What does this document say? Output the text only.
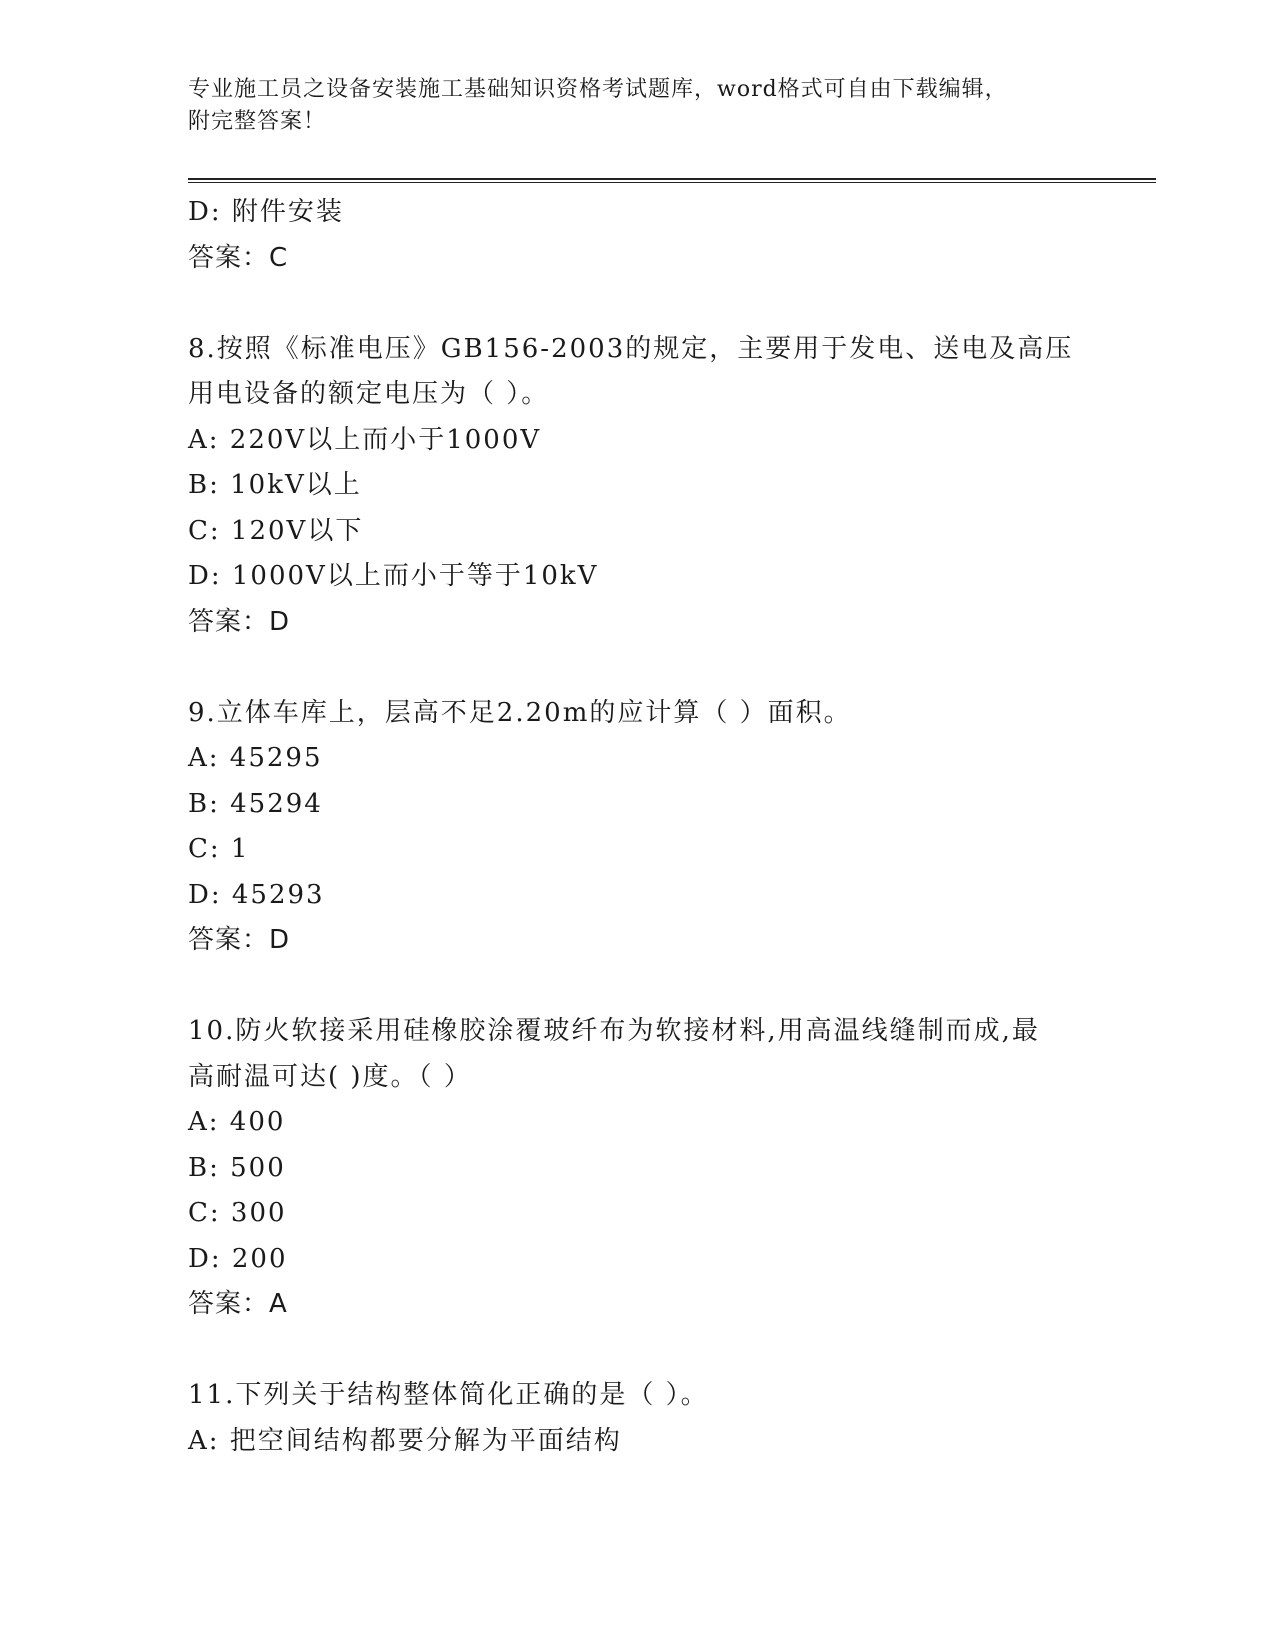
专业施工员之设备安装施工基础知识资格考试题库，word格式可自由下载编辑，
附完整答案！
D: 附件安装
答案：C
8.按照《标准电压》GB156-2003的规定，主要用于发电、送电及高压
用电设备的额定电压为（ ）。
A: 220V以上而小于1000V
B: 10kV以上
C: 120V以下
D: 1000V以上而小于等于10kV
答案：D
9.立体车库上，层高不足2.20m的应计算（ ）面积。
A: 45295
B: 45294
C: 1
D: 45293
答案：D
10.防火软接采用硅橡胶涂覆玻纤布为软接材料,用高温线缝制而成,最
高耐温可达( )度。（ ）
A: 400
B: 500
C: 300
D: 200
答案：A
11.下列关于结构整体简化正确的是（ ）。
A: 把空间结构都要分解为平面结构
